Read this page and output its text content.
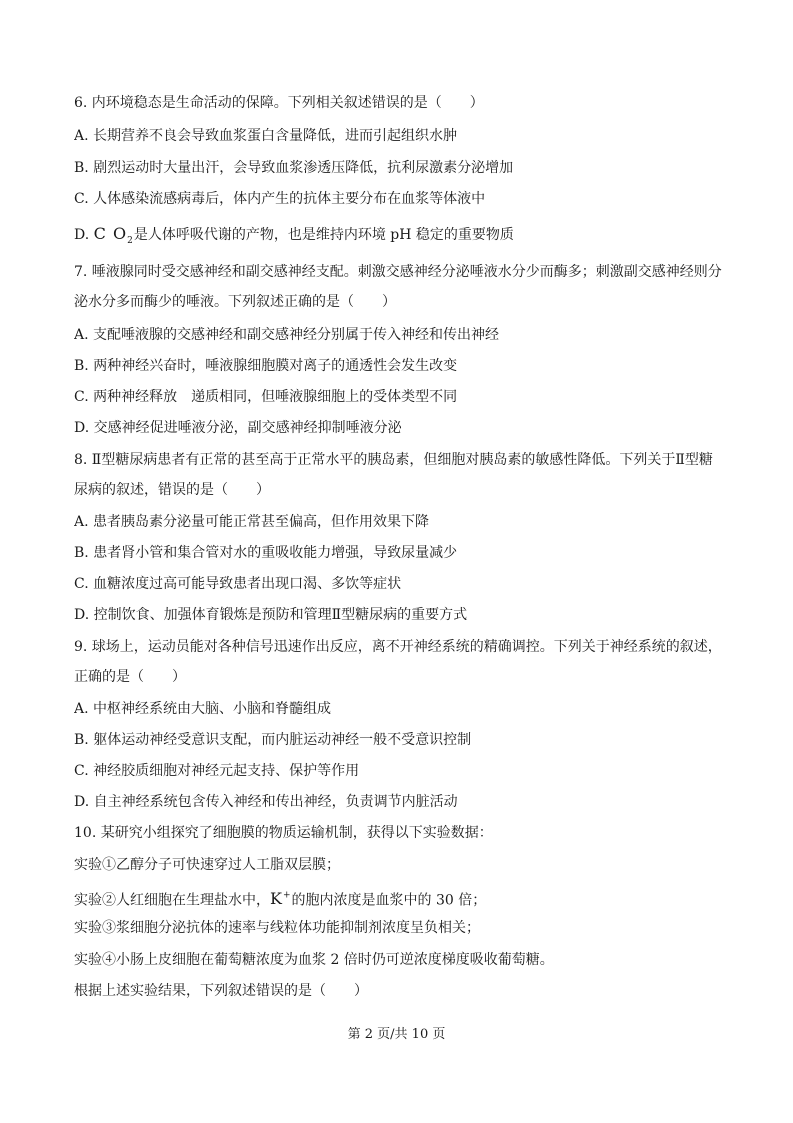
6. 内环境稳态是生命活动的保障。下列相关叙述错误的是（　　）
A. 长期营养不良会导致血浆蛋白含量降低，进而引起组织水肿
B. 剧烈运动时大量出汗，会导致血浆渗透压降低，抗利尿激素分泌增加
C. 人体感染流感病毒后，体内产生的抗体主要分布在血浆等体液中
D. C $O_2$是人体呼吸代谢的产物，也是维持内环境 pH 稳定的重要物质
7. 唾液腺同时受交感神经和副交感神经支配。刺激交感神经分泌唾液水分少而酶多；刺激副交感神经则分
泌水分多而酶少的唾液。下列叙述正确的是（　　）
A. 支配唾液腺的交感神经和副交感神经分别属于传入神经和传出神经
B. 两种神经兴奋时，唾液腺细胞膜对离子的通透性会发生改变
C. 两种神经释放　递质相同，但唾液腺细胞上的受体类型不同
D. 交感神经促进唾液分泌，副交感神经抑制唾液分泌
8. Ⅱ型糖尿病患者有正常的甚至高于正常水平的胰岛素，但细胞对胰岛素的敏感性降低。下列关于Ⅱ型糖
尿病的叙述，错误的是（　　）
A. 患者胰岛素分泌量可能正常甚至偏高，但作用效果下降
B. 患者肾小管和集合管对水的重吸收能力增强，导致尿量减少
C. 血糖浓度过高可能导致患者出现口渴、多饮等症状
D. 控制饮食、加强体育锻炼是预防和管理Ⅱ型糖尿病的重要方式
9. 球场上，运动员能对各种信号迅速作出反应，离不开神经系统的精确调控。下列关于神经系统的叙述，
正确的是（　　）
A. 中枢神经系统由大脑、小脑和脊髓组成
B. 躯体运动神经受意识支配，而内脏运动神经一般不受意识控制
C. 神经胶质细胞对神经元起支持、保护等作用
D. 自主神经系统包含传入神经和传出神经，负责调节内脏活动
10. 某研究小组探究了细胞膜的物质运输机制，获得以下实验数据：
实验①乙醇分子可快速穿过人工脂双层膜；
实验②人红细胞在生理盐水中，K+的胞内浓度是血浆中的 30 倍；
实验③浆细胞分泌抗体的速率与线粒体功能抑制剂浓度呈负相关；
实验④小肠上皮细胞在葡萄糖浓度为血浆 2 倍时仍可逆浓度梯度吸收葡萄糖。
根据上述实验结果，下列叙述错误的是（　　）
第 2 页/共 10 页
